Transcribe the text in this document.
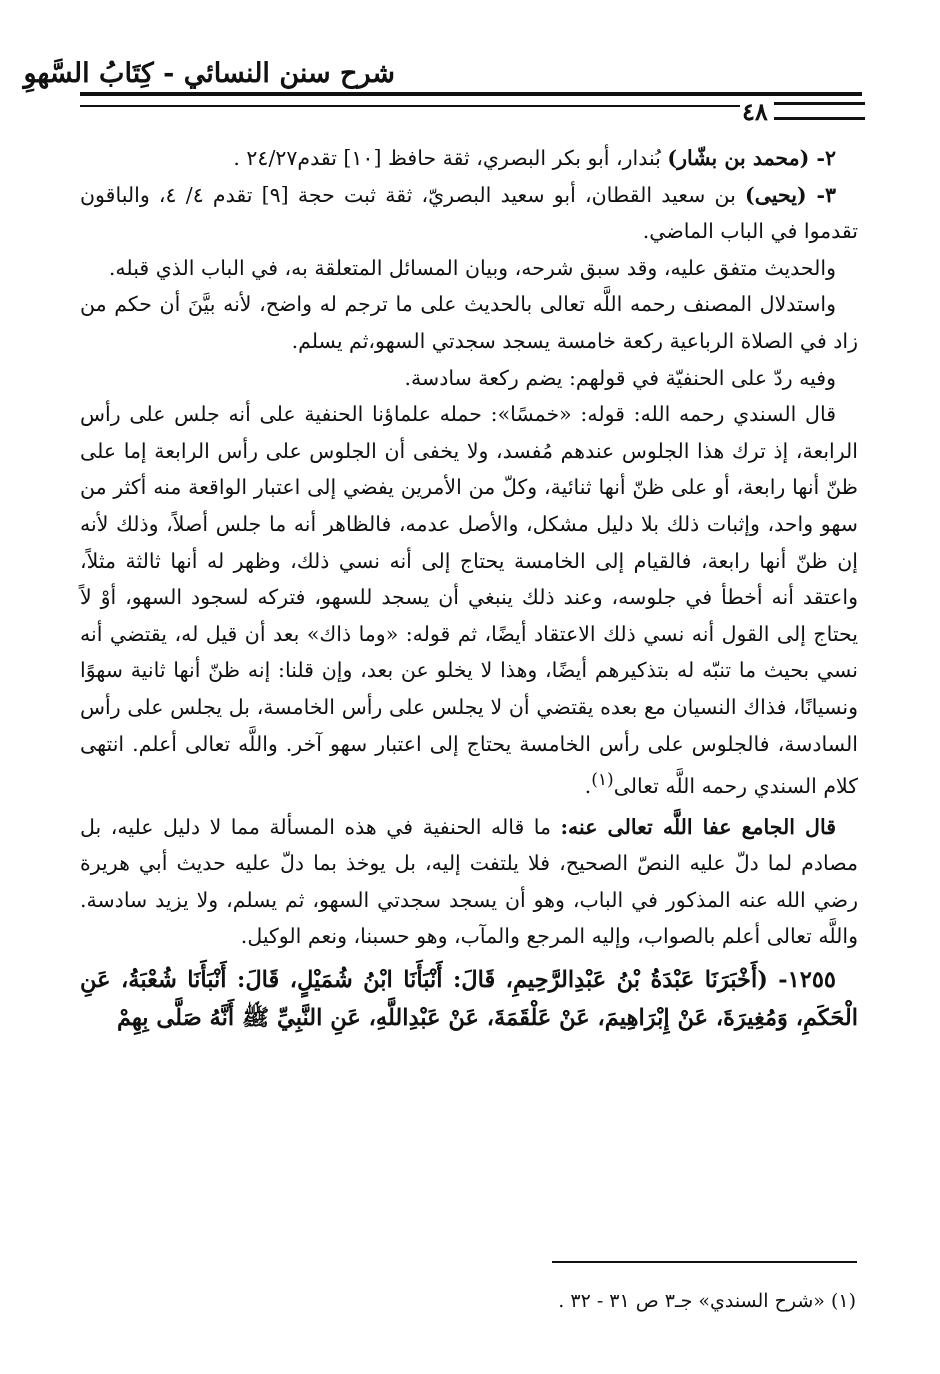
شرح سنن النسائي - كِتَابُ السَّهوِ
٤٨

٢- (محمد بن بشّار) بُندار، أبو بكر البصري، ثقة حافظ [١٠] تقدم٢٤/٢٧ .

٣- (يحيى) بن سعيد القطان، أبو سعيد البصريّ، ثقة ثبت حجة [٩] تقدم ٤/ ٤، والباقون تقدموا في الباب الماضي.

والحديث متفق عليه، وقد سبق شرحه، وبيان المسائل المتعلقة به، في الباب الذي قبله.

واستدلال المصنف رحمه اللَّه تعالى بالحديث على ما ترجم له واضح، لأنه بيَّنَ أن حكم من زاد في الصلاة الرباعية ركعة خامسة يسجد سجدتي السهو،ثم يسلم.

وفيه ردّ على الحنفيّة في قولهم: يضم ركعة سادسة.

قال السندي رحمه الله: قوله: «خمسًا»: حمله علماؤنا الحنفية على أنه جلس على رأس الرابعة، إذ ترك هذا الجلوس عندهم مُفسد، ولا يخفى أن الجلوس على رأس الرابعة إما على ظنّ أنها رابعة، أو على ظنّ أنها ثنائية، وكلّ من الأمرين يفضي إلى اعتبار الواقعة منه أكثر من سهو واحد، وإثبات ذلك بلا دليل مشكل، والأصل عدمه، فالظاهر أنه ما جلس أصلاً، وذلك لأنه إن ظنّ أنها رابعة، فالقيام إلى الخامسة يحتاج إلى أنه نسي ذلك، وظهر له أنها ثالثة مثلاً، واعتقد أنه أخطأ في جلوسه، وعند ذلك ينبغي أن يسجد للسهو، فتركه لسجود السهو، أوْ لاً يحتاج إلى القول أنه نسي ذلك الاعتقاد أيضًا، ثم قوله: «وما ذاك» بعد أن قيل له، يقتضي أنه نسي بحيث ما تنبّه له بتذكيرهم أيضًا، وهذا لا يخلو عن بعد، وإن قلنا: إنه ظنّ أنها ثانية سهوًا ونسيانًا، فذاك النسيان مع بعده يقتضي أن لا يجلس على رأس الخامسة، بل يجلس على رأس السادسة، فالجلوس على رأس الخامسة يحتاج إلى اعتبار سهو آخر. واللَّه تعالى أعلم. انتهى كلام السندي رحمه اللَّه تعالى$^{(١)}$.

قال الجامع عفا اللَّه تعالى عنه: ما قاله الحنفية في هذه المسألة مما لا دليل عليه، بل مصادم لما دلّ عليه النصّ الصحيح، فلا يلتفت إليه، بل يوخذ بما دلّ عليه حديث أبي هريرة رضي الله عنه المذكور في الباب، وهو أن يسجد سجدتي السهو، ثم يسلم، ولا يزيد سادسة. واللَّه تعالى أعلم بالصواب، وإليه المرجع والمآب، وهو حسبنا، ونعم الوكيل.

١٢٥٥- (أَخْبَرَنَا عَبْدَةُ بْنُ عَبْدِالرَّحِيمِ، قَالَ: أَنْبَأَنَا ابْنُ شُمَيْلٍ، قَالَ: أَنْبَأَنَا شُعْبَةُ، عَنِ الْحَكَمِ، وَمُغِيرَةَ، عَنْ إِبْرَاهِيمَ، عَنْ عَلْقَمَةَ، عَنْ عَبْدِاللَّهِ، عَنِ النَّبِيِّ ﷺ أَنَّهُ صَلَّى بِهِمْ

(١) «شرح السندي» جـ٣ ص ٣١ - ٣٢ .
